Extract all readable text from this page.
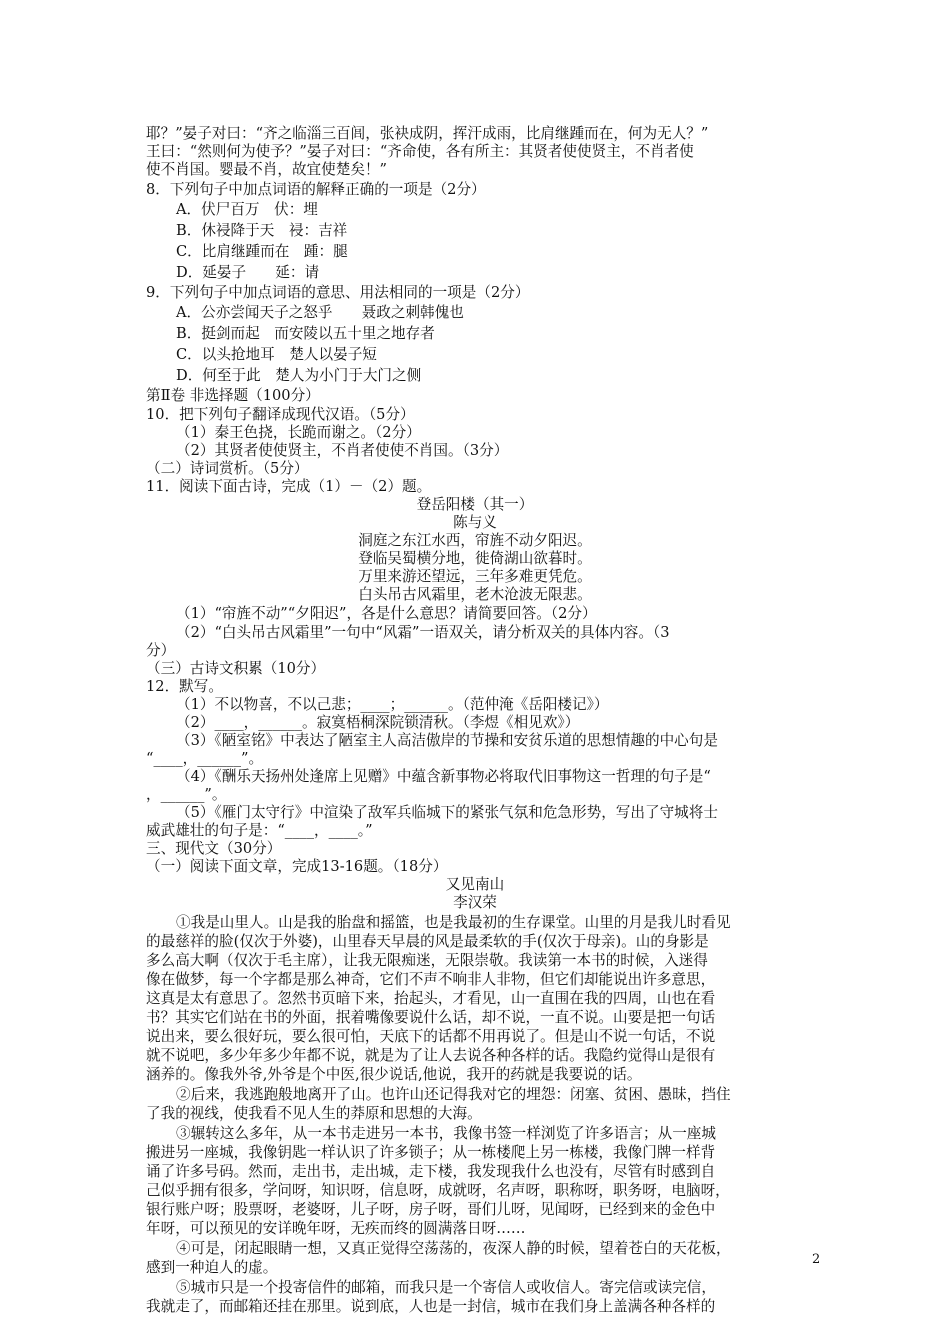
耶？”晏子对曰：“齐之临淄三百闾，张袂成阴，挥汗成雨，比肩继踵而在，何为无人？”
王曰：“然则何为使予？”晏子对曰：“齐命使，各有所主：其贤者使使贤主，不肖者使
使不肖国。婴最不肖，故宜使楚矣！”
8．下列句子中加点词语的解释正确的一项是（2分）
A．伏尸百万　伏：埋
B．休祲降于天　祲：吉祥
C．比肩继踵而在　踵：腿
D．延晏子　　延：请
9．下列句子中加点词语的意思、用法相同的一项是（2分）
A．公亦尝闻天子之怒乎　　聂政之刺韩傀也
B．挺剑而起　而安陵以五十里之地存者
C．以头抢地耳　楚人以晏子短
D．何至于此　楚人为小门于大门之侧
第Ⅱ卷 非选择题（100分）
10．把下列句子翻译成现代汉语。（5分）
（1）秦王色挠，长跪而谢之。（2分）
（2）其贤者使使贤主，不肖者使使不肖国。（3分）
（二）诗词赏析。（5分）
11．阅读下面古诗，完成（1）－（2）题。
登岳阳楼（其一）
陈与义
洞庭之东江水西，帘旌不动夕阳迟。
登临吴蜀横分地，徙倚湖山欲暮时。
万里来游还望远，三年多难更凭危。
白头吊古风霜里，老木沧波无限悲。
（1）“帘旌不动”“夕阳迟”，各是什么意思？请简要回答。（2分）
（2）“白头吊古风霜里”一句中“风霜”一语双关，请分析双关的具体内容。（3
分）
（三）古诗文积累（10分）
12．默写。
（1）不以物喜，不以己悲；____；______。（范仲淹《岳阳楼记》）
（2）____，______。寂寞梧桐深院锁清秋。（李煜《相见欢》）
（3）《陋室铭》中表达了陋室主人高洁傲岸的节操和安贫乐道的思想情趣的中心句是
“____，______”。
（4）《酬乐天扬州处逢席上见赠》中蕴含新事物必将取代旧事物这一哲理的句子是“
，______”。
（5）《雁门太守行》中渲染了敌军兵临城下的紧张气氛和危急形势，写出了守城将士
威武雄壮的句子是：“____，____。”
三、现代文（30分）
（一）阅读下面文章，完成13-16题。（18分）
又见南山
李汉荣
①我是山里人。山是我的胎盘和摇篮，也是我最初的生存课堂。山里的月是我儿时看见
的最慈祥的脸(仅次于外婆)，山里春天早晨的风是最柔软的手(仅次于母亲)。山的身影是
多么高大啊（仅次于毛主席），让我无限痴迷，无限崇敬。我读第一本书的时候，入迷得
像在做梦，每一个字都是那么神奇，它们不声不响非人非物，但它们却能说出许多意思，
这真是太有意思了。忽然书页暗下来，抬起头，才看见，山一直围在我的四周，山也在看
书？其实它们站在书的外面，抿着嘴像要说什么话，却不说，一直不说。山要是把一句话
说出来，要么很好玩，要么很可怕，天底下的话都不用再说了。但是山不说一句话，不说
就不说吧，多少年多少年都不说，就是为了让人去说各种各样的话。我隐约觉得山是很有
涵养的。像我外爷,外爷是个中医,很少说话,他说，我开的药就是我要说的话。
②后来，我逃跑般地离开了山。也许山还记得我对它的埋怨：闭塞、贫困、愚昧，挡住
了我的视线，使我看不见人生的莽原和思想的大海。
③辗转这么多年，从一本书走进另一本书，我像书签一样浏览了许多语言；从一座城
搬进另一座城，我像钥匙一样认识了许多锁子；从一栋楼爬上另一栋楼，我像门牌一样背
诵了许多号码。然而，走出书，走出城，走下楼，我发现我什么也没有，尽管有时感到自
己似乎拥有很多，学问呀，知识呀，信息呀，成就呀，名声呀，职称呀，职务呀，电脑呀，
银行账户呀；股票呀，老婆呀，儿子呀，房子呀，哥们儿呀，见闻呀，已经到来的金色中
年呀，可以预见的安详晚年呀，无疾而终的圆满落日呀……
④可是，闭起眼睛一想，又真正觉得空荡荡的，夜深人静的时候，望着苍白的天花板，
感到一种迫人的虚。
⑤城市只是一个投寄信件的邮箱，而我只是一个寄信人或收信人。寄完信或读完信，
我就走了，而邮箱还挂在那里。说到底，人也是一封信，城市在我们身上盖满各种各样的
2
